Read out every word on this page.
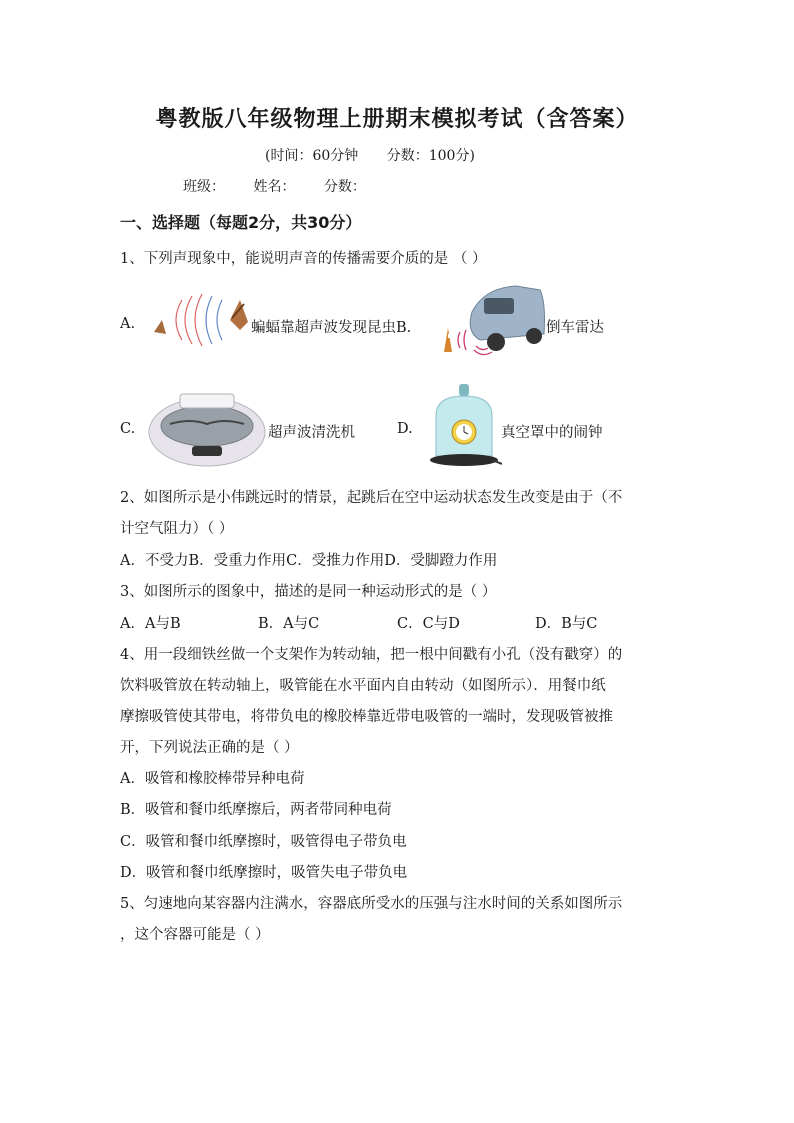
粤教版八年级物理上册期末模拟考试（含答案）
(时间：60分钟 分数：100分)
班级： 姓名： 分数：
一、选择题（每题2分，共30分）
1、下列声现象中，能说明声音的传播需要介质的是 （ ）
A.	蝙蝠靠超声波发现昆虫B.	倒车雷达
C.	超声波清洗机	D.	真空罩中的闹钟
2、如图所示是小伟跳远时的情景，起跳后在空中运动状态发生改变是由于（不
计空气阻力）（ ）
A．不受力B．受重力作用C．受推力作用D．受脚蹬力作用
3、如图所示的图象中，描述的是同一种运动形式的是（ ）
A．A与B	B．A与C	C．C与D	D．B与C
4、用一段细铁丝做一个支架作为转动轴，把一根中间戳有小孔（没有戳穿）的
饮料吸管放在转动轴上，吸管能在水平面内自由转动（如图所示）．用餐巾纸
摩擦吸管使其带电，将带负电的橡胶棒靠近带电吸管的一端时，发现吸管被推
开，下列说法正确的是（ ）
A．吸管和橡胶棒带异种电荷
B．吸管和餐巾纸摩擦后，两者带同种电荷
C．吸管和餐巾纸摩擦时，吸管得电子带负电
D．吸管和餐巾纸摩擦时，吸管失电子带负电
5、匀速地向某容器内注满水，容器底所受水的压强与注水时间的关系如图所示
，这个容器可能是（ ）
